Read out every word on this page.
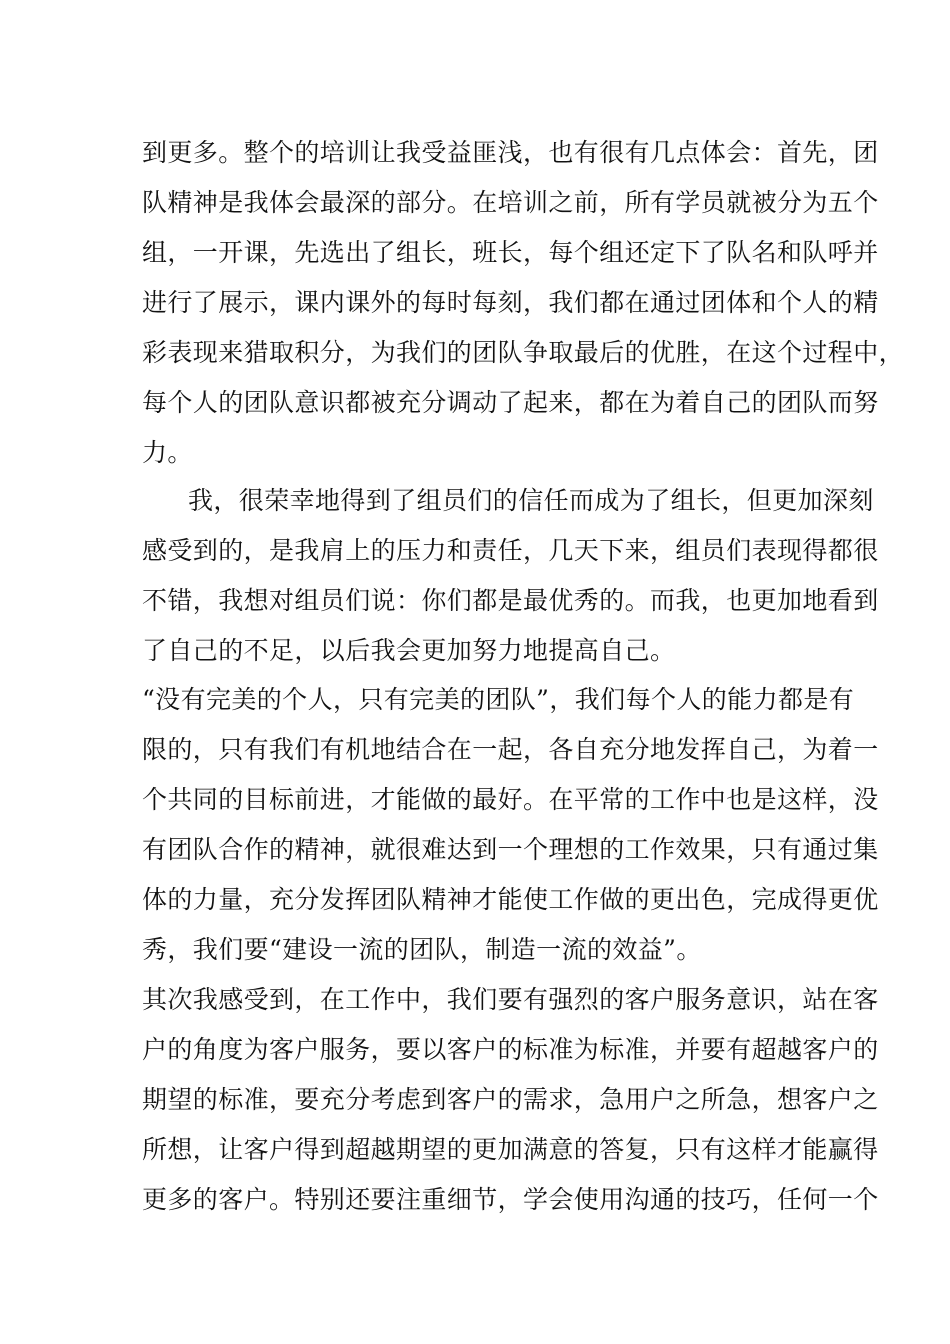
到更多。整个的培训让我受益匪浅，也有很有几点体会：首先，团
队精神是我体会最深的部分。在培训之前，所有学员就被分为五个
组，一开课，先选出了组长，班长，每个组还定下了队名和队呼并
进行了展示，课内课外的每时每刻，我们都在通过团体和个人的精
彩表现来猎取积分，为我们的团队争取最后的优胜，在这个过程中，
每个人的团队意识都被充分调动了起来，都在为着自己的团队而努
力。
我，很荣幸地得到了组员们的信任而成为了组长，但更加深刻
感受到的，是我肩上的压力和责任，几天下来，组员们表现得都很
不错，我想对组员们说：你们都是最优秀的。而我，也更加地看到
了自己的不足，以后我会更加努力地提高自己。
“没有完美的个人，只有完美的团队”，我们每个人的能力都是有
限的，只有我们有机地结合在一起，各自充分地发挥自己，为着一
个共同的目标前进，才能做的最好。在平常的工作中也是这样，没
有团队合作的精神，就很难达到一个理想的工作效果，只有通过集
体的力量，充分发挥团队精神才能使工作做的更出色，完成得更优
秀，我们要“建设一流的团队，制造一流的效益”。
其次我感受到，在工作中，我们要有强烈的客户服务意识，站在客
户的角度为客户服务，要以客户的标准为标准，并要有超越客户的
期望的标准，要充分考虑到客户的需求，急用户之所急，想客户之
所想，让客户得到超越期望的更加满意的答复，只有这样才能赢得
更多的客户。特别还要注重细节，学会使用沟通的技巧，任何一个
